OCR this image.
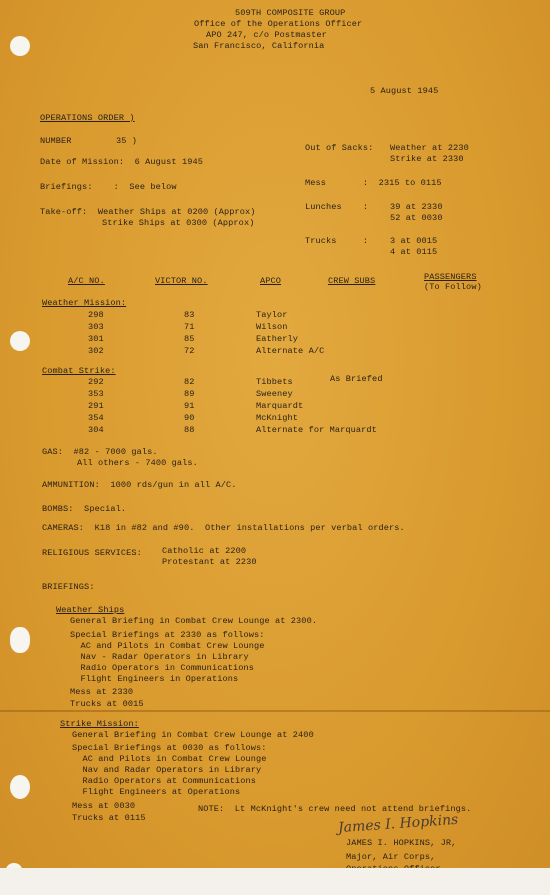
509TH COMPOSITE GROUP
Office of the Operations Officer
APO 247, c/o Postmaster
San Francisco, California
5 August 1945
OPERATIONS ORDER )
NUMBER	35 )
Date of Mission:  6 August 1945
Briefings:    :  See below
Take-off:  Weather Ships at 0200 (Approx)
Strike Ships at 0300 (Approx)
Out of Sacks: Weather at 2230
Strike at 2330
Mess       :  2315 to 0115
Lunches    :	39 at 2330
52 at 0030
Trucks     :	3 at 0015
4 at 0115
A/C NO.	VICTOR NO.	APCO	CREW SUBS	PASSENGERS
(To Follow)
Weather Mission:
298	83	Taylor
303	71	Wilson
301	85	Eatherly
302	72	Alternate A/C
Combat Strike:
292	82	Tibbets	As Briefed
353	89	Sweeney
291	91	Marquardt
354	90	McKnight
304	88	Alternate for Marquardt
GAS:  #82 - 7000 gals.
All others - 7400 gals.
AMMUNITION:  1000 rds/gun in all A/C.
BOMBS:  Special.
CAMERAS:  K18 in #82 and #90.  Other installations per verbal orders.
RELIGIOUS SERVICES: Catholic at 2200
Protestant at 2230
BRIEFINGS:
Weather Ships
General Briefing in Combat Crew Lounge at 2300.
Special Briefings at 2330 as follows:
AC and Pilots in Combat Crew Lounge
Nav - Radar Operators in Library
Radio Operators in Communications
Flight Engineers in Operations
Mess at 2330
Trucks at 0015
Strike Mission:
General Briefing in Combat Crew Lounge at 2400
Special Briefings at 0030 as follows:
AC and Pilots in Combat Crew Lounge
Nav and Radar Operators in Library
Radio Operators at Communications
Flight Engineers at Operations
Mess at 0030
Trucks at 0115
NOTE:  Lt McKnight's crew need not attend briefings.
James I. Hopkins
JAMES I. HOPKINS, JR,
Major, Air Corps,
